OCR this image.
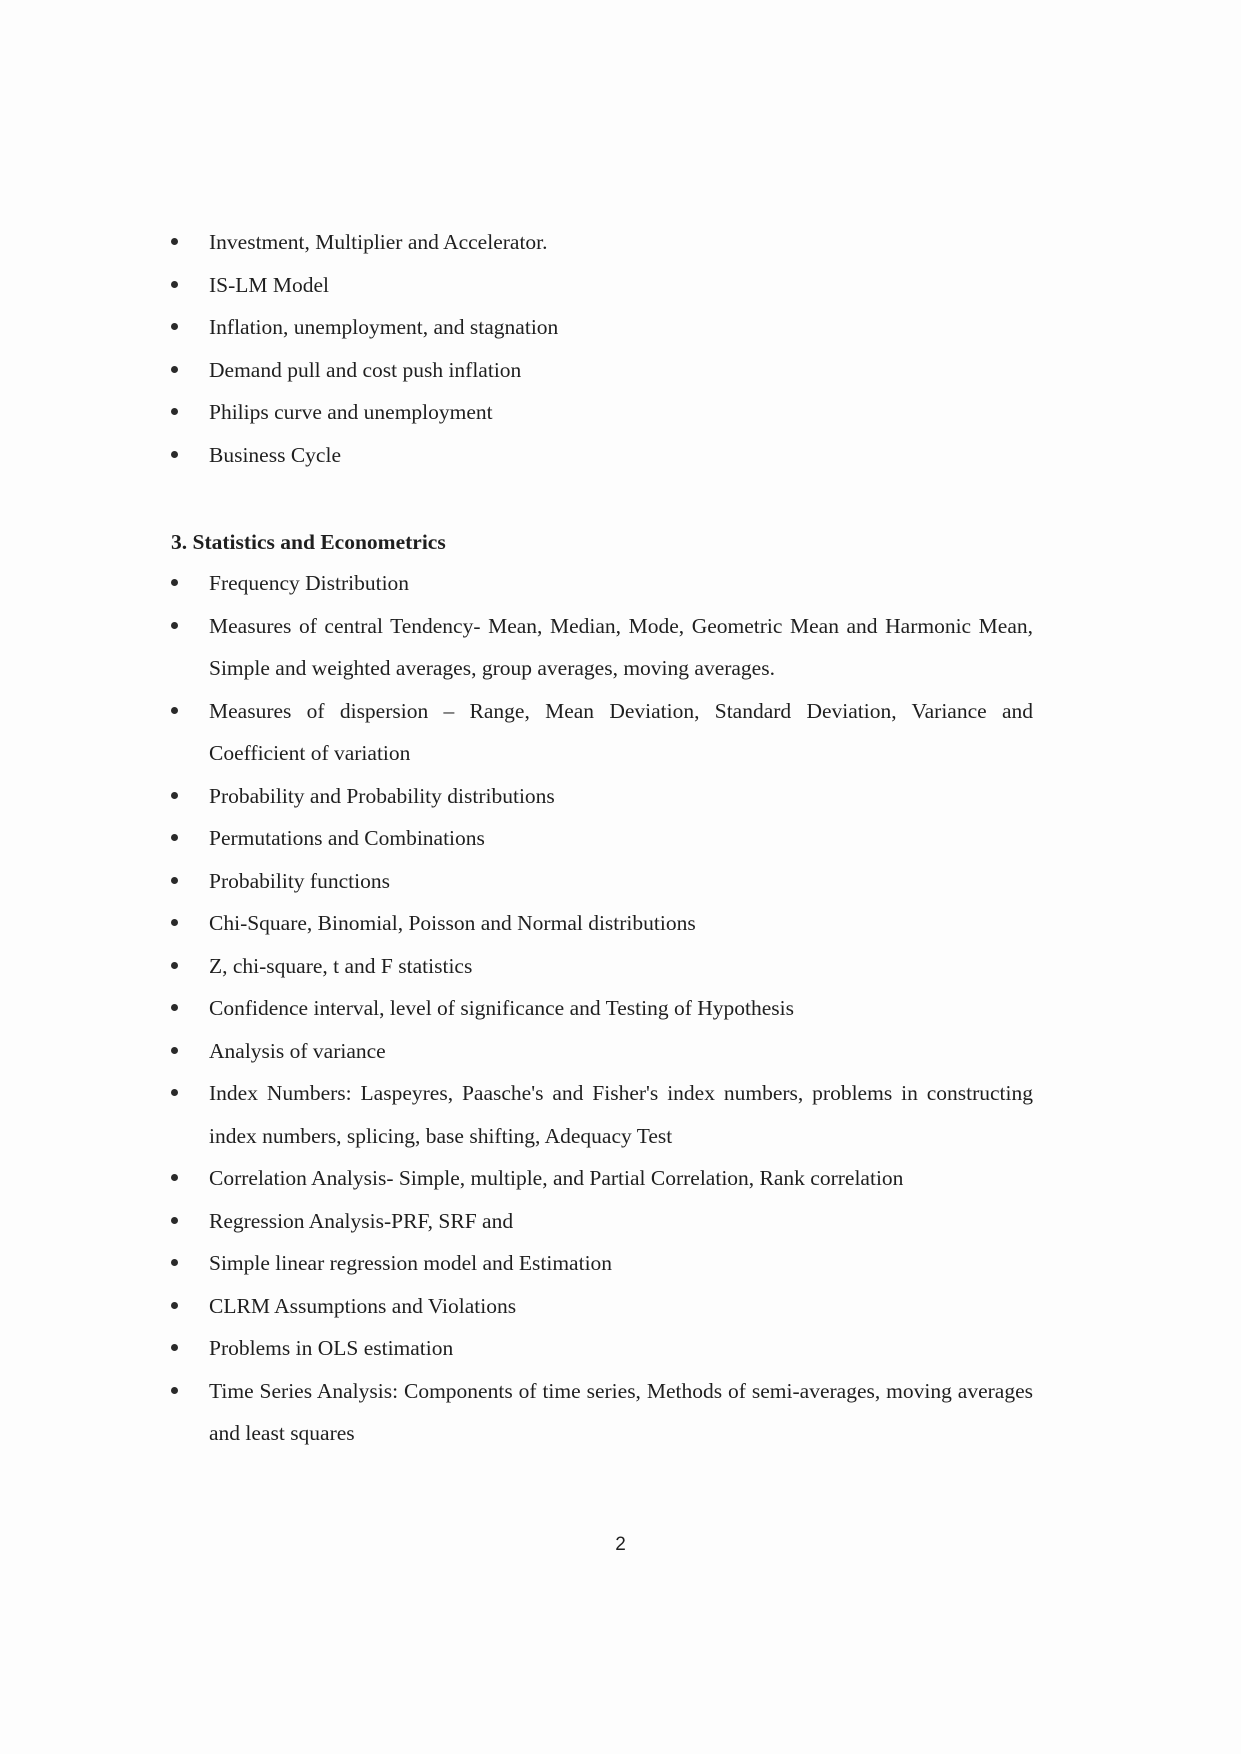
Investment, Multiplier and Accelerator.
IS-LM Model
Inflation, unemployment, and stagnation
Demand pull and cost push inflation
Philips curve and unemployment
Business Cycle
3. Statistics and Econometrics
Frequency Distribution
Measures of central Tendency- Mean, Median, Mode, Geometric Mean and Harmonic Mean, Simple and weighted averages, group averages, moving averages.
Measures of dispersion – Range, Mean Deviation, Standard Deviation, Variance and Coefficient of variation
Probability and Probability distributions
Permutations and Combinations
Probability functions
Chi-Square, Binomial, Poisson and Normal distributions
Z, chi-square, t and F statistics
Confidence interval, level of significance and Testing of Hypothesis
Analysis of variance
Index Numbers: Laspeyres, Paasche's and Fisher's index numbers, problems in constructing index numbers, splicing, base shifting, Adequacy Test
Correlation Analysis- Simple, multiple, and Partial Correlation, Rank correlation
Regression Analysis-PRF, SRF and
Simple linear regression model and Estimation
CLRM Assumptions and Violations
Problems in OLS estimation
Time Series Analysis: Components of time series, Methods of semi-averages, moving averages and least squares
2
